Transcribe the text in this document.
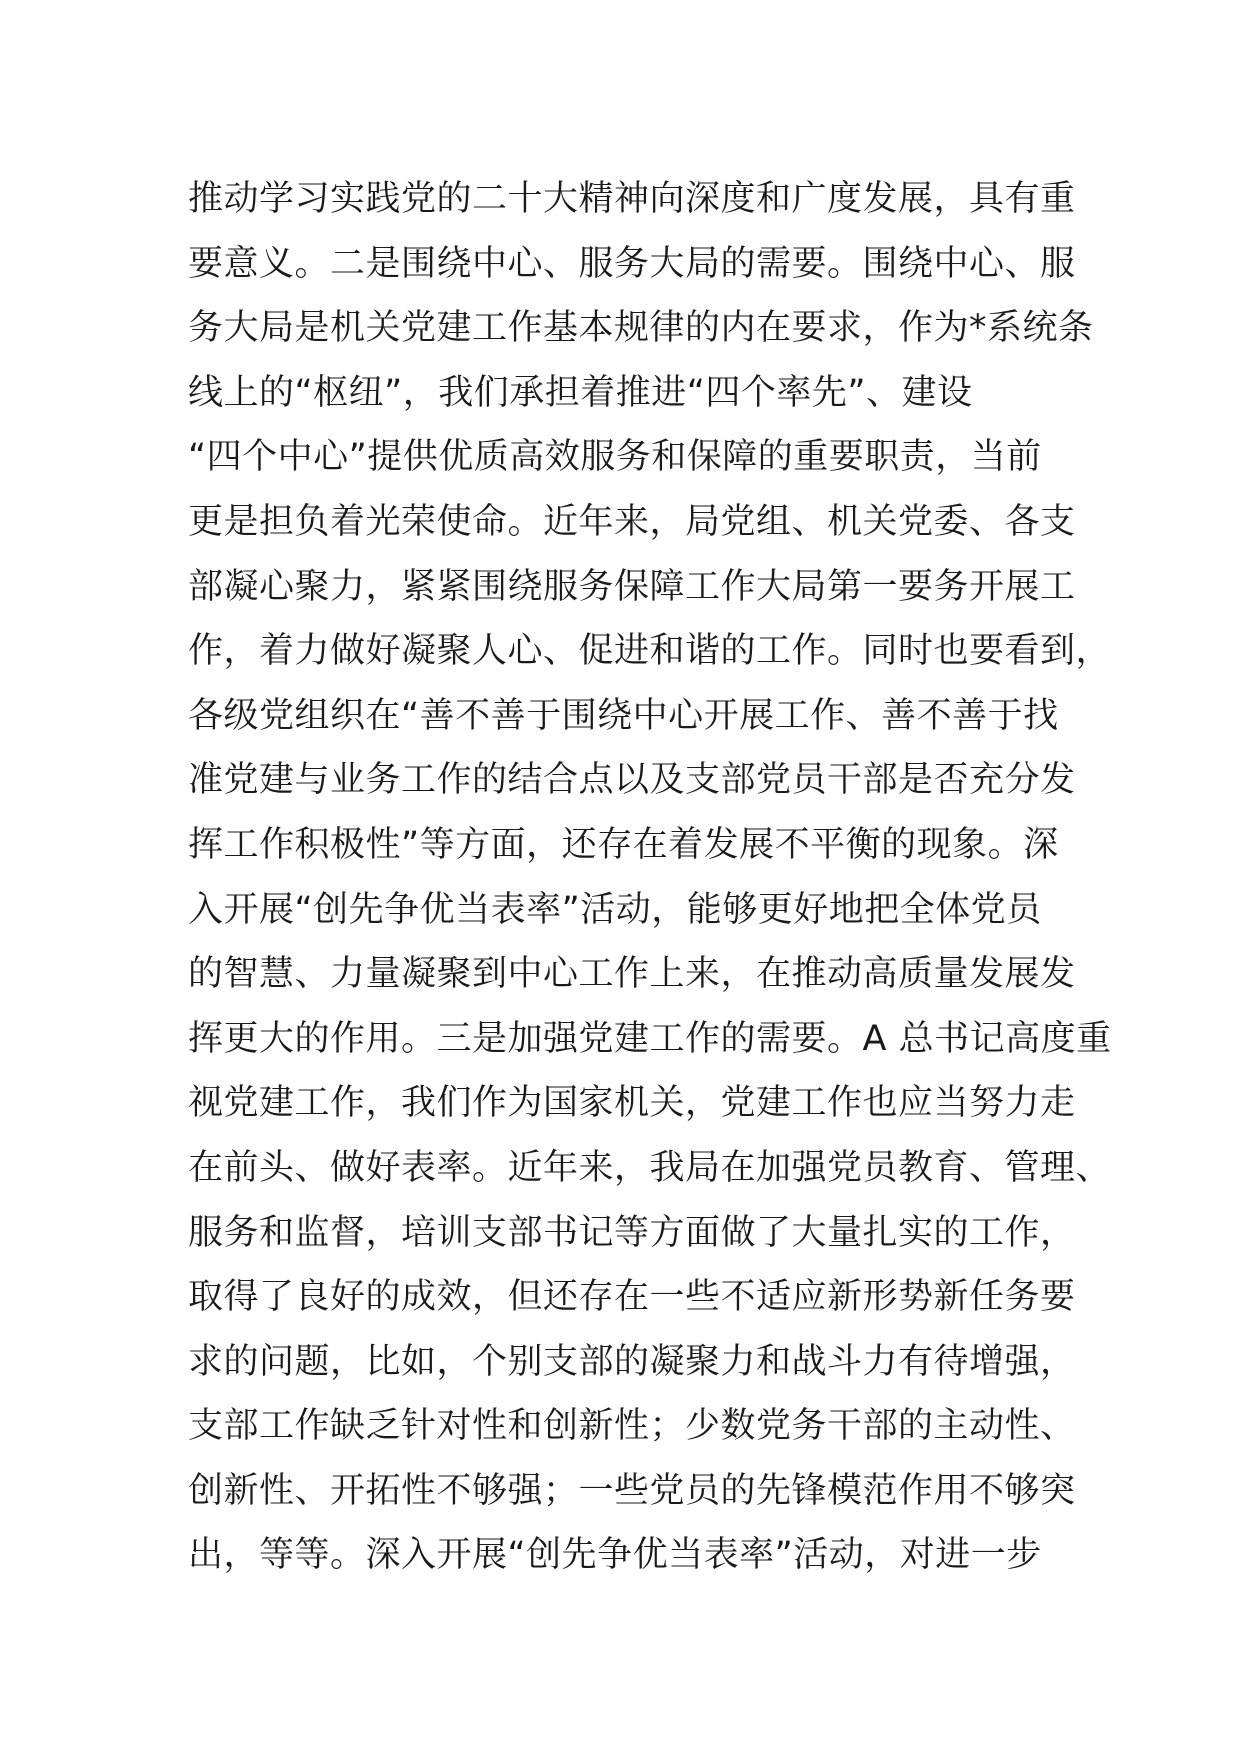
推动学习实践党的二十大精神向深度和广度发展，具有重
要意义。二是围绕中心、服务大局的需要。围绕中心、服
务大局是机关党建工作基本规律的内在要求，作为*系统条
线上的“枢纽”，我们承担着推进“四个率先”、建设
“四个中心”提供优质高效服务和保障的重要职责，当前
更是担负着光荣使命。近年来，局党组、机关党委、各支
部凝心聚力，紧紧围绕服务保障工作大局第一要务开展工
作，着力做好凝聚人心、促进和谐的工作。同时也要看到，
各级党组织在“善不善于围绕中心开展工作、善不善于找
准党建与业务工作的结合点以及支部党员干部是否充分发
挥工作积极性”等方面，还存在着发展不平衡的现象。深
入开展“创先争优当表率”活动，能够更好地把全体党员
的智慧、力量凝聚到中心工作上来，在推动高质量发展发
挥更大的作用。三是加强党建工作的需要。A 总书记高度重
视党建工作，我们作为国家机关，党建工作也应当努力走
在前头、做好表率。近年来，我局在加强党员教育、管理、
服务和监督，培训支部书记等方面做了大量扎实的工作，
取得了良好的成效，但还存在一些不适应新形势新任务要
求的问题，比如，个别支部的凝聚力和战斗力有待增强，
支部工作缺乏针对性和创新性；少数党务干部的主动性、
创新性、开拓性不够强；一些党员的先锋模范作用不够突
出，等等。深入开展“创先争优当表率”活动，对进一步
